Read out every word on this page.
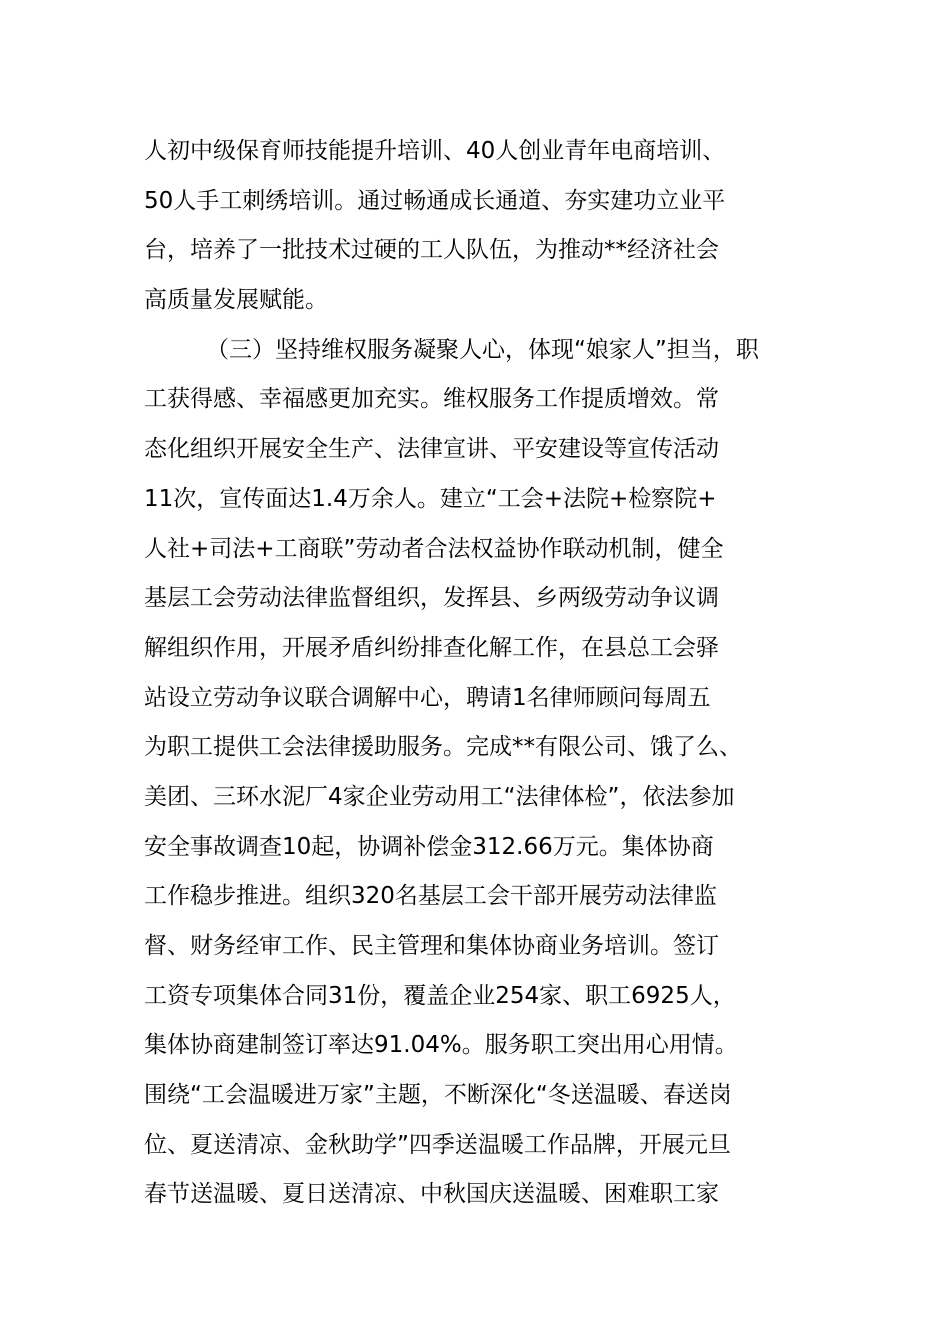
人初中级保育师技能提升培训、40人创业青年电商培训、
50人手工刺绣培训。通过畅通成长通道、夯实建功立业平
台，培养了一批技术过硬的工人队伍，为推动**经济社会
高质量发展赋能。
（三）坚持维权服务凝聚人心，体现“娘家人”担当，职
工获得感、幸福感更加充实。维权服务工作提质增效。常
态化组织开展安全生产、法律宣讲、平安建设等宣传活动
11次，宣传面达1.4万余人。建立“工会+法院+检察院+
人社+司法+工商联”劳动者合法权益协作联动机制，健全
基层工会劳动法律监督组织，发挥县、乡两级劳动争议调
解组织作用，开展矛盾纠纷排查化解工作，在县总工会驿
站设立劳动争议联合调解中心，聘请1名律师顾问每周五
为职工提供工会法律援助服务。完成**有限公司、饿了么、
美团、三环水泥厂4家企业劳动用工“法律体检”，依法参加
安全事故调查10起，协调补偿金312.66万元。集体协商
工作稳步推进。组织320名基层工会干部开展劳动法律监
督、财务经审工作、民主管理和集体协商业务培训。签订
工资专项集体合同31份，覆盖企业254家、职工6925人，
集体协商建制签订率达91.04%。服务职工突出用心用情。
围绕“工会温暖进万家”主题，不断深化“冬送温暖、春送岗
位、夏送清凉、金秋助学”四季送温暖工作品牌，开展元旦
春节送温暖、夏日送清凉、中秋国庆送温暖、困难职工家
